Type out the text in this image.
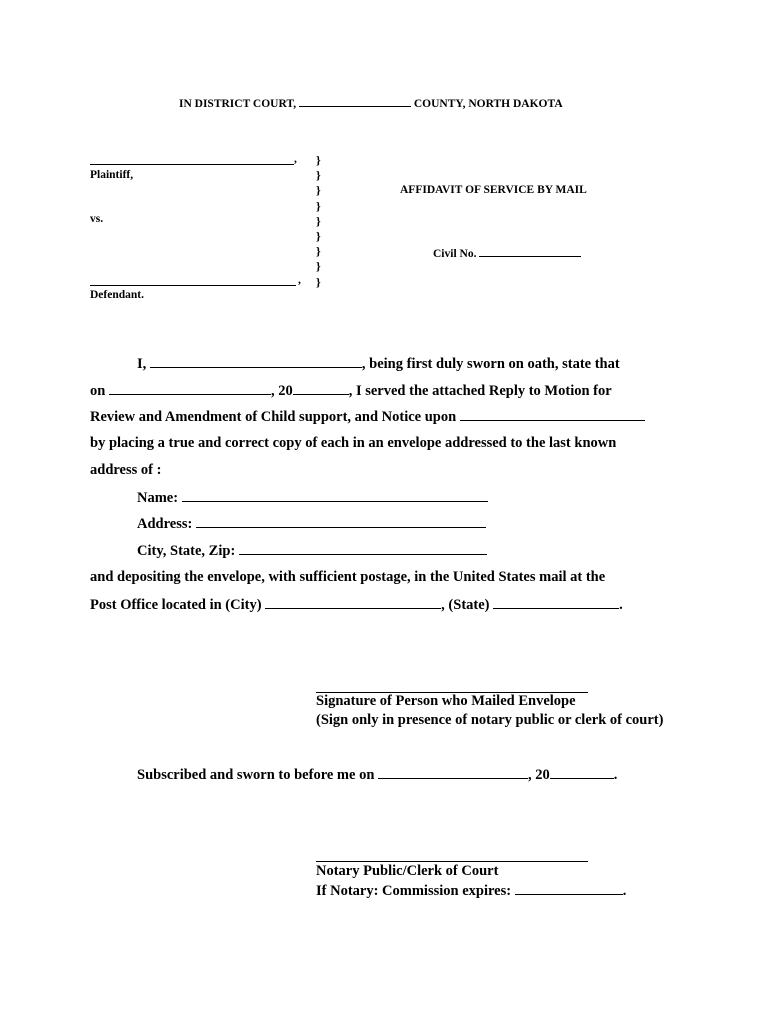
IN DISTRICT COURT,	COUNTY, NORTH DAKOTA
,
Plaintiff,
vs.
,
Defendant.
}
}
}
}
}
}
}
}
}
AFFIDAVIT OF SERVICE BY MAIL
Civil No.
I,	, being first duly sworn on oath, state that
on	, 20	, I served the attached Reply to Motion for
Review and Amendment of Child support, and Notice upon
by placing a true and correct copy of each in an envelope addressed to the last known
address of :
Name:
Address:
City, State, Zip:
and depositing the envelope, with sufficient postage, in the United States mail at the
Post Office located in (City)	, (State)	.
Signature of Person who Mailed Envelope
(Sign only in presence of notary public or clerk of court)
Subscribed and sworn to before me on	, 20	.
Notary Public/Clerk of Court
If Notary: Commission expires:	.
